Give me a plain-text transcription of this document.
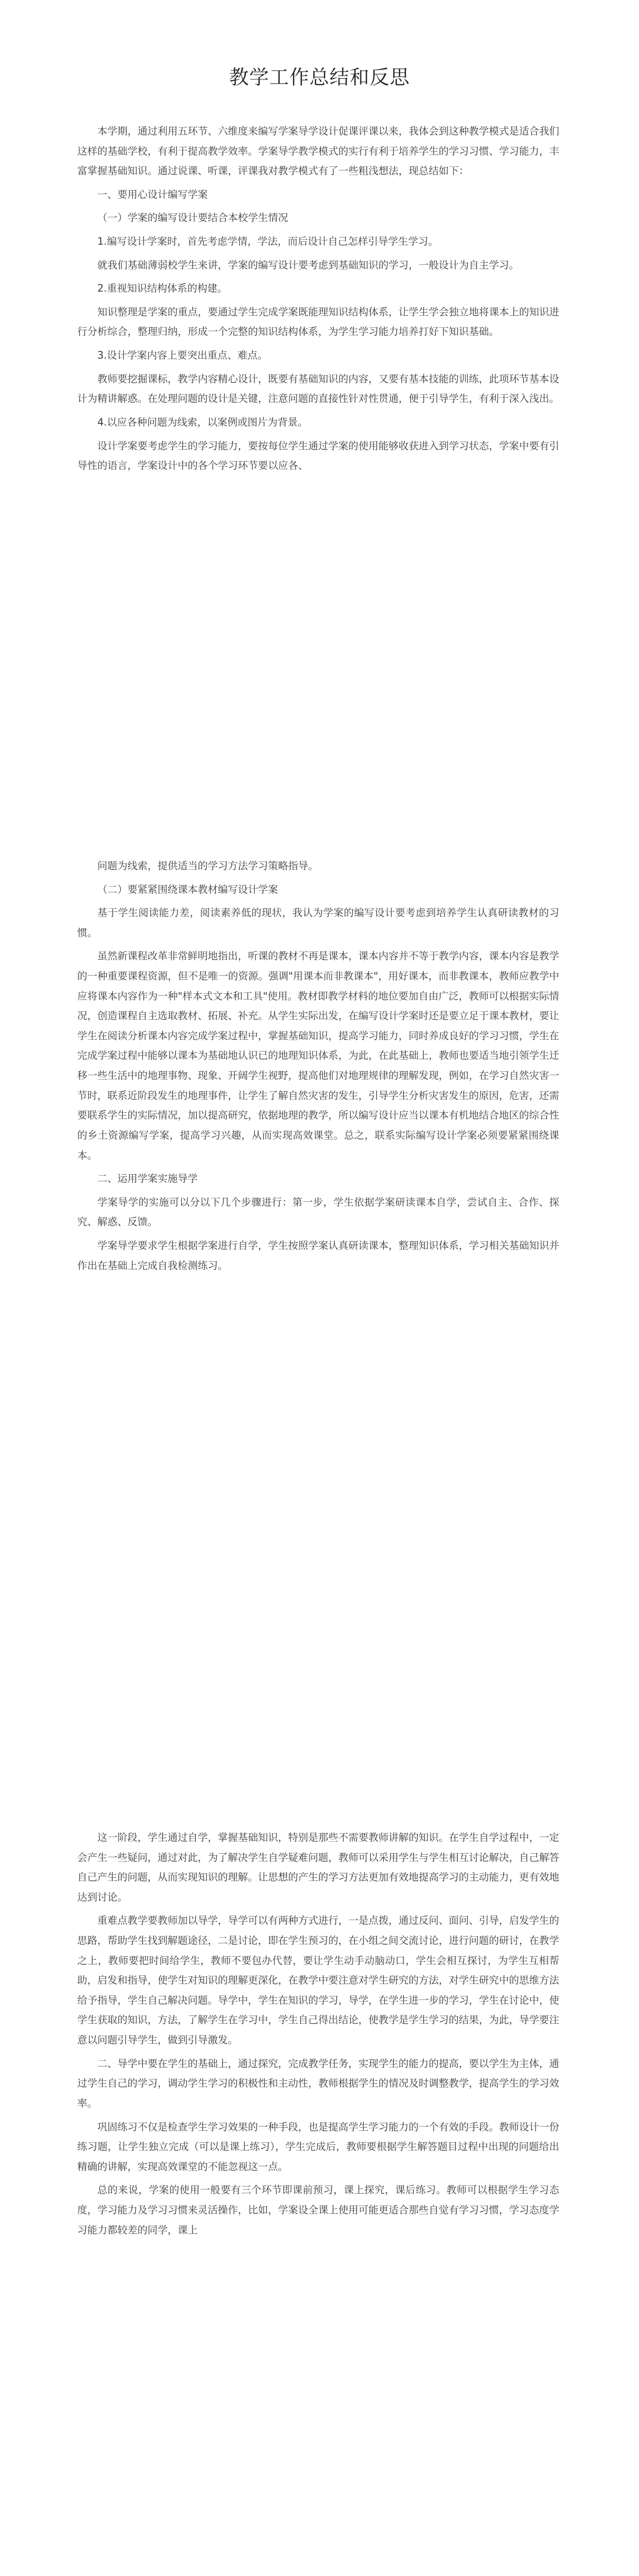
教学工作总结和反思

本学期，通过利用五环节、六维度来编写学案导学设计促课评课以来，我体会到这种教学模式是适合我们这样的基础学校，有利于提高教学效率。学案导学教学模式的实行有利于培养学生的学习习惯、学习能力，丰富掌握基础知识。通过说课、听课，评课我对教学模式有了一些粗浅想法，现总结如下：

一、要用心设计编写学案

（一）学案的编写设计要结合本校学生情况

1.编写设计学案时，首先考虑学情，学法，而后设计自己怎样引导学生学习。

就我们基础薄弱校学生来讲，学案的编写设计要考虑到基础知识的学习，一般设计为自主学习。

2.重视知识结构体系的构建。

知识整理是学案的重点，要通过学生完成学案既能理知识结构体系，让学生学会独立地将课本上的知识进行分析综合，整理归纳，形成一个完整的知识结构体系，为学生学习能力培养打好下知识基础。

3.设计学案内容上要突出重点、难点。

教师要挖掘课标，教学内容精心设计，既要有基础知识的内容，又要有基本技能的训练，此项环节基本设计为精讲解惑。在处理问题的设计是关键，注意问题的直接性针对性贯通，便于引导学生，有利于深入浅出。

4.以应各种问题为线索，以案例或图片为背景。

设计学案要考虑学生的学习能力，要按每位学生通过学案的使用能够收获进入到学习状态，学案中要有引导性的语言，学案设计中的各个学习环节要以应各、

问题为线索，提供适当的学习方法学习策略指导。

（二）要紧紧围绕课本教材编写设计学案

基于学生阅读能力差，阅读素养低的现状，我认为学案的编写设计要考虑到培养学生认真研读教材的习惯。

虽然新课程改革非常鲜明地指出，听课的教材不再是课本，课本内容并不等于教学内容，课本内容是教学的一种重要课程资源，但不是唯一的资源。强调"用课本而非教课本"，用好课本，而非教课本，教师应教学中应将课本内容作为一种"样本式文本和工具"使用。教材即教学材料的地位要加自由广泛，教师可以根据实际情况，创造课程自主选取教材、拓展、补充。从学生实际出发，在编写设计学案时还是要立足于课本教材，要让学生在阅读分析课本内容完成学案过程中，掌握基础知识，提高学习能力，同时养成良好的学习习惯，学生在完成学案过程中能够以课本为基础地认识已的地理知识体系，为此，在此基础上，教师也要适当地引领学生迁移一些生活中的地理事物、现象、开阔学生视野，提高他们对地理规律的理解发现，例如，在学习自然灾害一节时，联系近阶段发生的地理事件，让学生了解自然灾害的发生，引导学生分析灾害发生的原因，危害，还需要联系学生的实际情况，加以提高研究，依据地理的教学，所以编写设计应当以课本有机地结合地区的综合性的乡土资源编写学案，提高学习兴趣，从而实现高效课堂。总之，联系实际编写设计学案必须要紧紧围绕课本。

二、运用学案实施导学

学案导学的实施可以分以下几个步骤进行：第一步，学生依据学案研读课本自学，尝试自主、合作、探究、解惑、反馈。

学案导学要求学生根据学案进行自学，学生按照学案认真研读课本，整理知识体系，学习相关基础知识并作出在基础上完成自我检测练习。

这一阶段，学生通过自学，掌握基础知识，特别是那些不需要教师讲解的知识。在学生自学过程中，一定会产生一些疑问，通过对此，为了解决学生自学疑难问题，教师可以采用学生与学生相互讨论解决，自己解答自己产生的问题，从而实现知识的理解。让思想的产生的学习方法更加有效地提高学习的主动能力，更有效地达到讨论。

重难点教学要教师加以导学，导学可以有两种方式进行，一是点拨，通过反问、面问、引导，启发学生的思路，帮助学生找到解题途径，二是讨论，即在学生预习的，在小组之间交流讨论，进行问题的研讨，在教学之上，教师要把时间给学生，教师不要包办代替，要让学生动手动脑动口，学生会相互探讨，为学生互相帮助，启发和指导，使学生对知识的理解更深化，在教学中要注意对学生研究的方法，对学生研究中的思维方法给予指导，学生自己解决问题。导学中，学生在知识的学习，导学，在学生进一步的学习，学生在讨论中，使学生获取的知识，方法，了解学生在学习中，学生自己得出结论，使教学是学生学习的结果，为此，导学要注意以问题引导学生，做到引导激发。

二、导学中要在学生的基础上，通过探究，完成教学任务，实现学生的能力的提高，要以学生为主体，通过学生自己的学习，调动学生学习的积极性和主动性，教师根据学生的情况及时调整教学，提高学生的学习效率。

巩固练习不仅是检查学生学习效果的一种手段，也是提高学生学习能力的一个有效的手段。教师设计一份练习题，让学生独立完成（可以是课上练习），学生完成后，教师要根据学生解答题目过程中出现的问题给出精确的讲解，实现高效课堂的不能忽视这一点。

总的来说，学案的使用一般要有三个环节即课前预习，课上探究，课后练习。教师可以根据学生学习态度，学习能力及学习习惯来灵活操作，比如，学案设全课上使用可能更适合那些自觉有学习习惯，学习态度学习能力都较差的同学，课上
